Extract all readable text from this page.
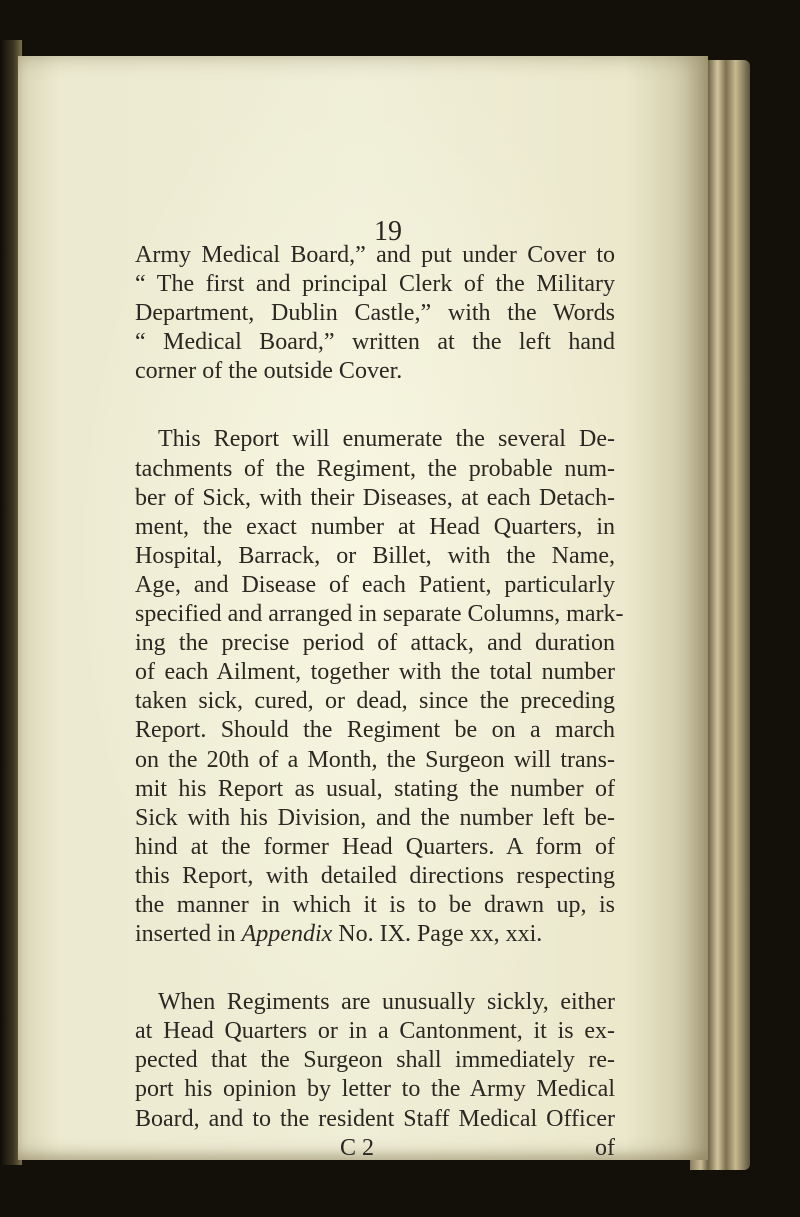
19

Army Medical Board,” and put under Cover to

“ The first and principal Clerk of the Military

Department, Dublin Castle,” with the Words

“ Medical Board,” written at the left hand

corner of the outside Cover.

This Report will enumerate the several De-

tachments of the Regiment, the probable num-

ber of Sick, with their Diseases, at each Detach-

ment, the exact number at Head Quarters, in

Hospital, Barrack, or Billet, with the Name,

Age, and Disease of each Patient, particularly

specified and arranged in separate Columns, mark-

ing the precise period of attack, and duration

of each Ailment, together with the total number

taken sick, cured, or dead, since the preceding

Report. Should the Regiment be on a march

on the 20th of a Month, the Surgeon will trans-

mit his Report as usual, stating the number of

Sick with his Division, and the number left be-

hind at the former Head Quarters. A form of

this Report, with detailed directions respecting

the manner in which it is to be drawn up, is

inserted in Appendix No. IX. Page xx, xxi.

When Regiments are unusually sickly, either

at Head Quarters or in a Cantonment, it is ex-

pected that the Surgeon shall immediately re-

port his opinion by letter to the Army Medical

Board, and to the resident Staff Medical Officer

C 2	of
